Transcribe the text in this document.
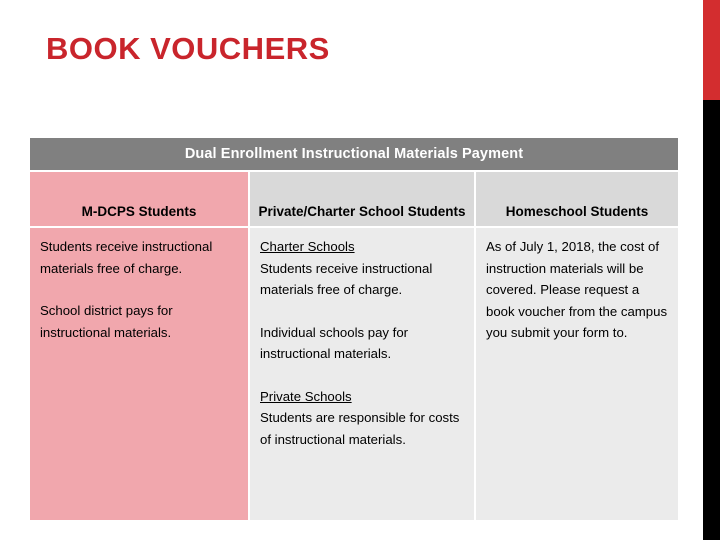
BOOK VOUCHERS
Dual Enrollment Instructional Materials Payment
M-DCPS Students

Students receive instructional materials free of charge.

School district pays for instructional materials.

Private/Charter School Students

Charter Schools
Students receive instructional materials free of charge.

Individual schools pay for instructional materials.

Private Schools
Students are responsible for costs of instructional materials.

Homeschool Students

As of July 1, 2018, the cost of instruction materials will be covered. Please request a book voucher from the campus you submit your form to.
